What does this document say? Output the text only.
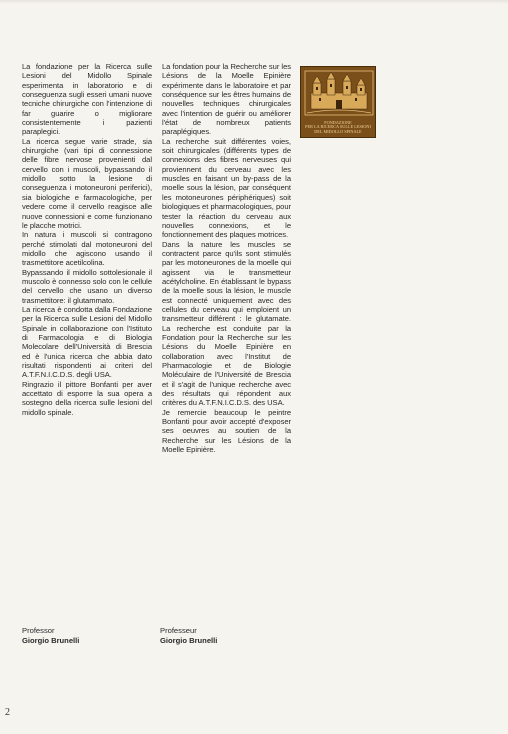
La fondazione per la Ricerca sulle Lesioni del Midollo Spinale esperimenta in laboratorio e di conseguenza sugli esseri umani nuove tecniche chirurgiche con l'intenzione di far guarire o migliorare consistentemente i pazienti paraplegici.

La ricerca segue varie strade, sia chirurgiche (vari tipi di connessione delle fibre nervose provenienti dal cervello con i muscoli, bypassando il midollo sotto la lesione di conseguenza i motoneuroni periferici), sia biologiche e farmacologiche, per vedere come il cervello reagisce alle nuove connessioni e come funzionano le placche motrici.

In natura i muscoli si contragono perché stimolati dal motoneuroni del midollo che agiscono usando il trasmettitore acetilcolina.

Bypassando il midollo sottolesionale il muscolo è connesso solo con le cellule del cervello che usano un diverso trasmettitore: il glutammato.

La ricerca è condotta dalla Fondazione per la Ricerca sulle Lesioni del Midollo Spinale in collaborazione con l'Istituto di Farmacologia e di Biologia Molecolare dell'Università di Brescia ed è l'unica ricerca che abbia dato risultati rispondenti ai criteri del A.T.F.N.I.C.D.S. degli USA.

Ringrazio il pittore Bonfanti per aver accettato di esporre la sua opera a sostegno della ricerca sulle lesioni del midollo spinale.

La fondation pour la Recherche sur les Lésions de la Moelle Epinière expérimente dans le laboratoire et par conséquence sur les êtres humains de nouvelles techniques chirurgicales avec l'intention de guérir ou améliorer l'état de nombreux patients paraplégiques.

La recherche suit différentes voies, soit chirurgicales (différents types de connexions des fibres nerveuses qui proviennent du cerveau avec les muscles en faisant un by-pass de la moelle sous la lésion, par conséquent les motoneurones périphériques) soit biologiques et pharmacologiques, pour tester la réaction du cerveau aux nouvelles connexions, et le fonctionnement des plaques motrices.

Dans la nature les muscles se contractent parce qu'ils sont stimulés par les motoneurones de la moelle qui agissent via le transmetteur acétylcholine. En établissant le bypass de la moelle sous la lésion, le muscle est connecté uniquement avec des cellules du cerveau qui emploient un transmetteur différent : le glutamate. La recherche est conduite par la Fondation pour la Recherche sur les Lésions du Moelle Epinière en collaboration avec l'Institut de Pharmacologie et de Biologie Moléculaire de l'Université de Brescia et il s'agit de l'unique recherche avec des résultats qui répondent aux critères du A.T.F.N.I.C.D.S. des USA.

Je remercie beaucoup le peintre Bonfanti pour avoir accepté d'exposer ses oeuvres au soutien de la Recherche sur les Lésions de la Moelle Epinière.

FONDAZIONE
PER LA RICERCA SULLE LESIONI
DEL MIDOLLO SPINALE
Professor
Giorgio Brunelli
Professeur
Giorgio Brunelli
2
